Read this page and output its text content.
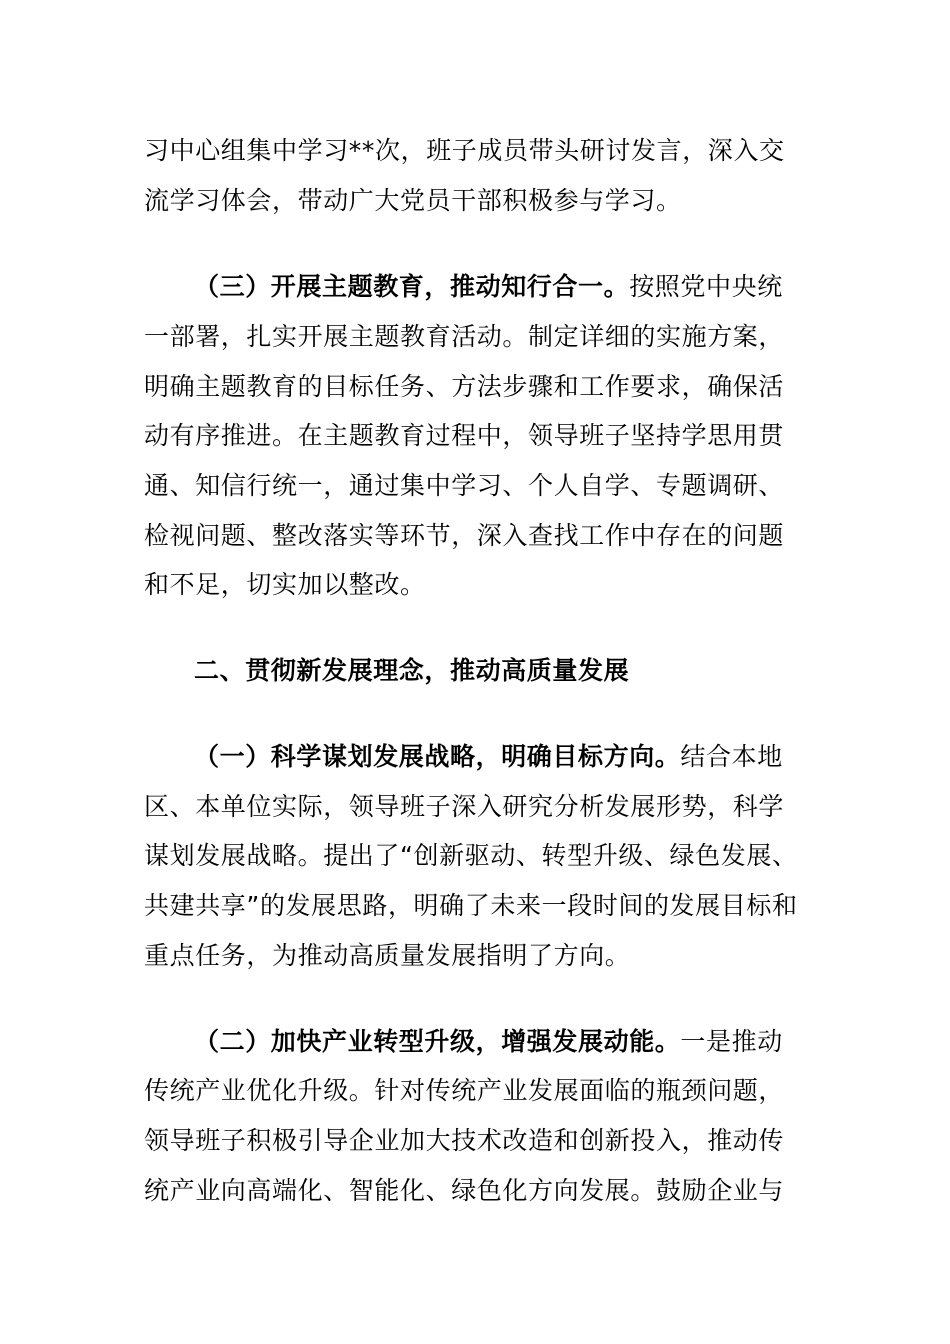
习中心组集中学习**次，班子成员带头研讨发言，深入交
流学习体会，带动广大党员干部积极参与学习。
（三）开展主题教育，推动知行合一。按照党中央统
一部署，扎实开展主题教育活动。制定详细的实施方案，
明确主题教育的目标任务、方法步骤和工作要求，确保活
动有序推进。在主题教育过程中，领导班子坚持学思用贯
通、知信行统一，通过集中学习、个人自学、专题调研、
检视问题、整改落实等环节，深入查找工作中存在的问题
和不足，切实加以整改。
二、贯彻新发展理念，推动高质量发展
（一）科学谋划发展战略，明确目标方向。结合本地
区、本单位实际，领导班子深入研究分析发展形势，科学
谋划发展战略。提出了“创新驱动、转型升级、绿色发展、
共建共享”的发展思路，明确了未来一段时间的发展目标和
重点任务，为推动高质量发展指明了方向。
（二）加快产业转型升级，增强发展动能。一是推动
传统产业优化升级。针对传统产业发展面临的瓶颈问题，
领导班子积极引导企业加大技术改造和创新投入，推动传
统产业向高端化、智能化、绿色化方向发展。鼓励企业与
